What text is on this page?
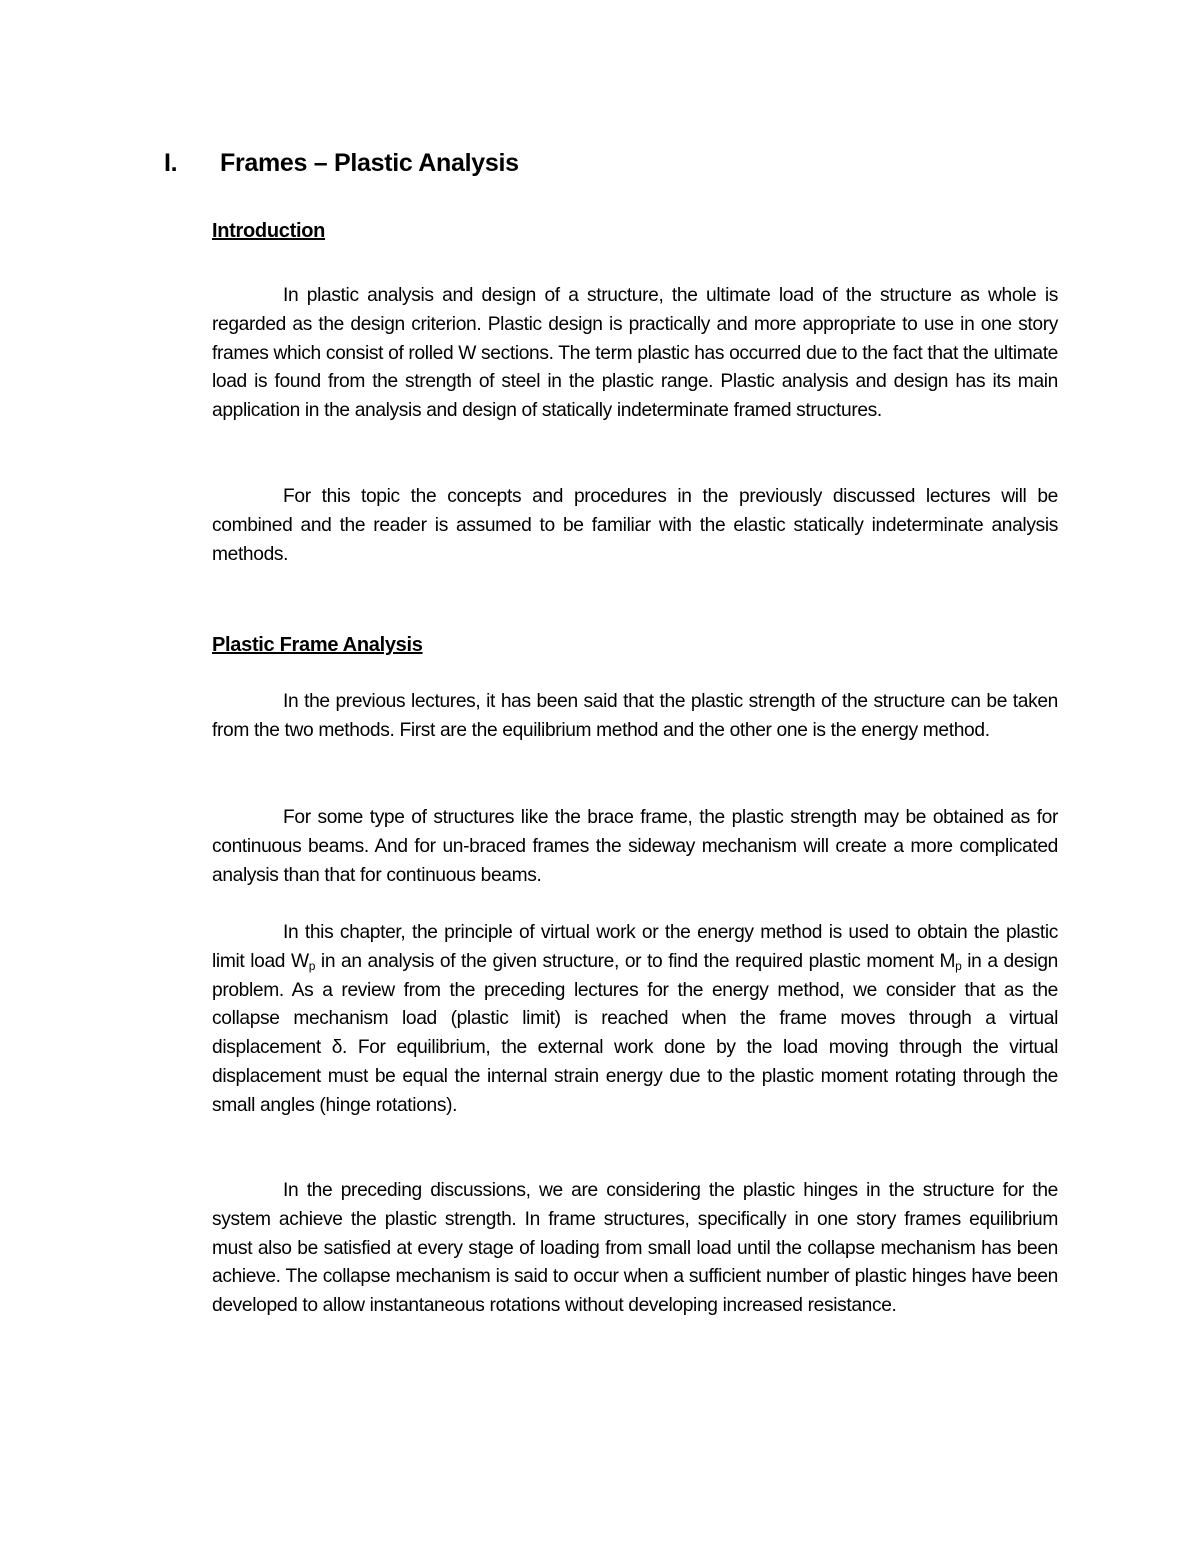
I. Frames – Plastic Analysis
Introduction

In plastic analysis and design of a structure, the ultimate load of the structure as whole is regarded as the design criterion. Plastic design is practically and more appropriate to use in one story frames which consist of rolled W sections. The term plastic has occurred due to the fact that the ultimate load is found from the strength of steel in the plastic range. Plastic analysis and design has its main application in the analysis and design of statically indeterminate framed structures.

For this topic the concepts and procedures in the previously discussed lectures will be combined and the reader is assumed to be familiar with the elastic statically indeterminate analysis methods.

Plastic Frame Analysis

In the previous lectures, it has been said that the plastic strength of the structure can be taken from the two methods. First are the equilibrium method and the other one is the energy method.

For some type of structures like the brace frame, the plastic strength may be obtained as for continuous beams. And for un-braced frames the sideway mechanism will create a more complicated analysis than that for continuous beams.

In this chapter, the principle of virtual work or the energy method is used to obtain the plastic limit load $W_p$ in an analysis of the given structure, or to find the required plastic moment $M_p$ in a design problem. As a review from the preceding lectures for the energy method, we consider that as the collapse mechanism load (plastic limit) is reached when the frame moves through a virtual displacement δ. For equilibrium, the external work done by the load moving through the virtual displacement must be equal the internal strain energy due to the plastic moment rotating through the small angles (hinge rotations).

In the preceding discussions, we are considering the plastic hinges in the structure for the system achieve the plastic strength. In frame structures, specifically in one story frames equilibrium must also be satisfied at every stage of loading from small load until the collapse mechanism has been achieve. The collapse mechanism is said to occur when a sufficient number of plastic hinges have been developed to allow instantaneous rotations without developing increased resistance.
